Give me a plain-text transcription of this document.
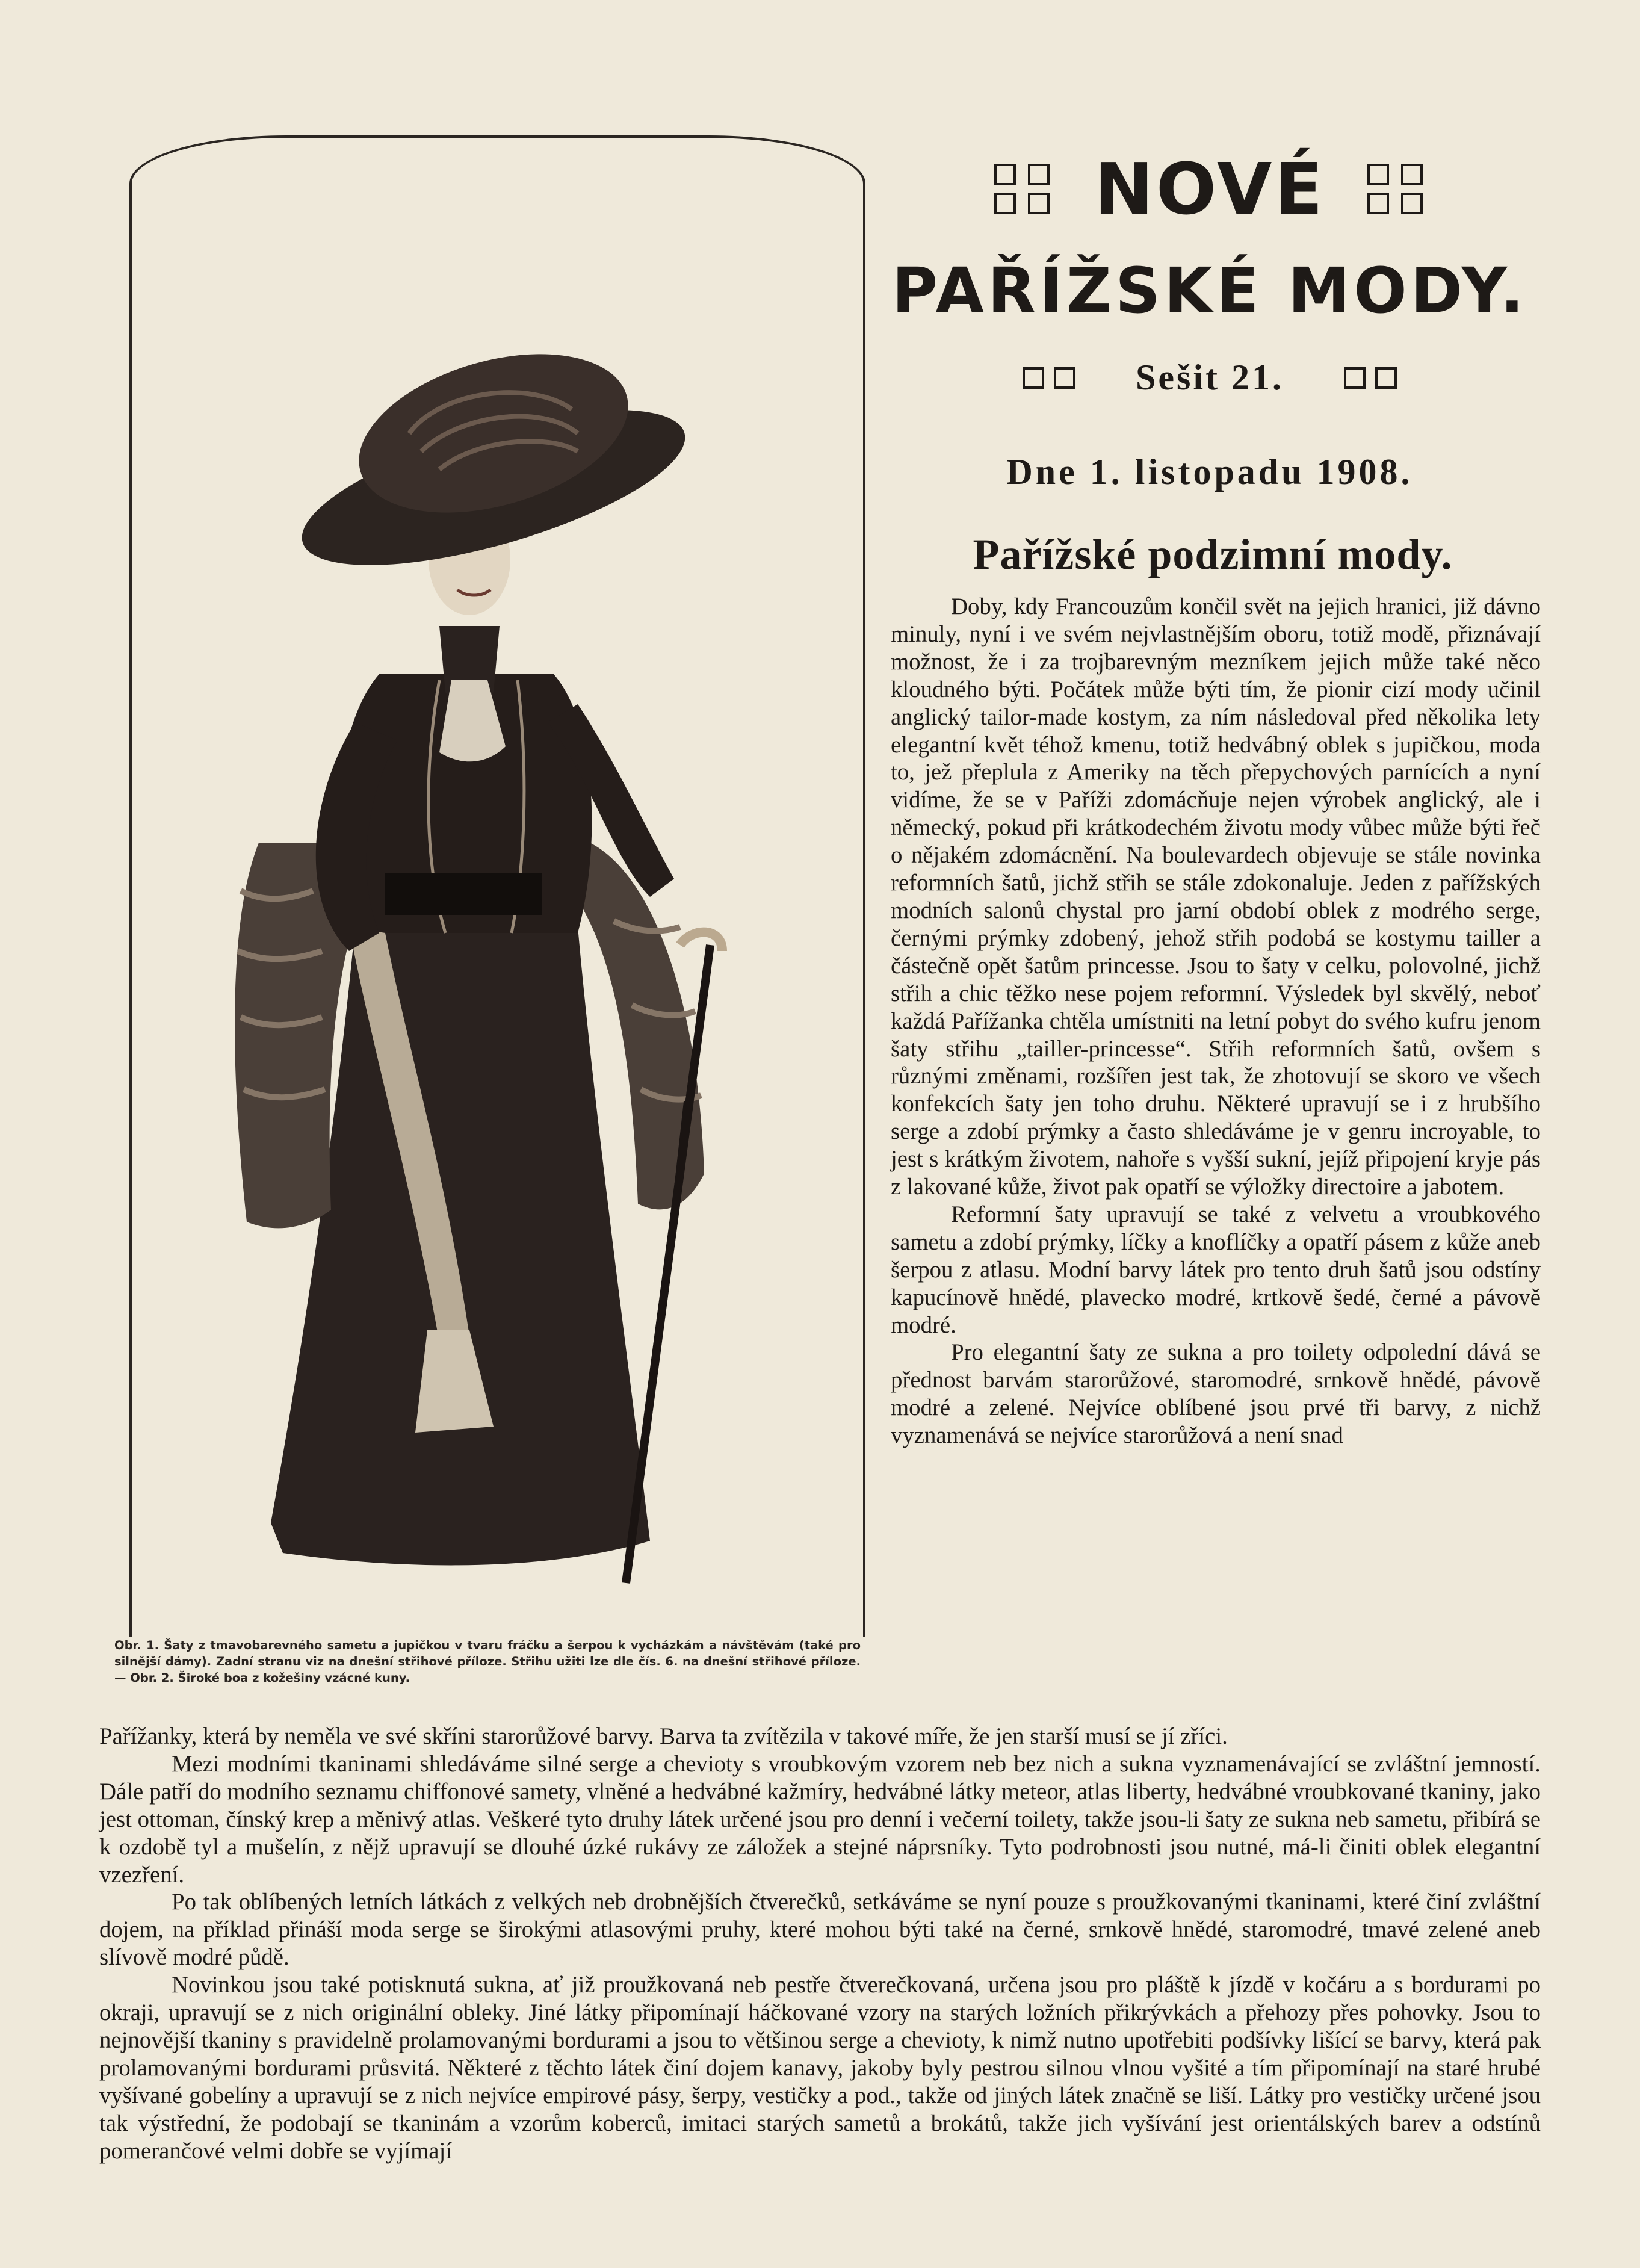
NOVÉ
PAŘÍŽSKÉ MODY.
Sešit 21.
Dne 1. listopadu 1908.
Pařížské podzimní mody.

Doby, kdy Francouzům končil svět na jejich hranici, již dávno minuly, nyní i ve svém nejvlastnějším oboru, totiž modě, přiznávají možnost, že i za trojbarevným mezníkem jejich může také něco kloudného býti. Počátek může býti tím, že pionir cizí mody učinil anglický tailor-made kostym, za ním následoval před několika lety elegantní květ téhož kmenu, totiž hedvábný oblek s jupičkou, moda to, jež přeplula z Ameriky na těch přepychových parnících a nyní vidíme, že se v Paříži zdomácňuje nejen výrobek anglický, ale i německý, pokud při krátkodechém životu mody vůbec může býti řeč o nějakém zdomácnění. Na boulevardech objevuje se stále novinka reformních šatů, jichž střih se stále zdokonaluje. Jeden z pařížských modních salonů chystal pro jarní období oblek z modrého serge, černými prýmky zdobený, jehož střih podobá se kostymu tailler a částečně opět šatům princesse. Jsou to šaty v celku, polovolné, jichž střih a chic těžko nese pojem reformní. Výsledek byl skvělý, neboť každá Pařížanka chtěla umístniti na letní pobyt do svého kufru jenom šaty střihu „tailler-princesse“. Střih reformních šatů, ovšem s různými změnami, rozšířen jest tak, že zhotovují se skoro ve všech konfekcích šaty jen toho druhu. Některé upravují se i z hrubšího serge a zdobí prýmky a často shledáváme je v genru incroyable, to jest s krátkým životem, nahoře s vyšší sukní, jejíž připojení kryje pás z lakované kůže, život pak opatří se výložky directoire a jabotem.

Reformní šaty upravují se také z velvetu a vroubkového sametu a zdobí prýmky, líčky a knoflíčky a opatří pásem z kůže aneb šerpou z atlasu. Modní barvy látek pro tento druh šatů jsou odstíny kapucínově hnědé, plavecko modré, krtkově šedé, černé a pávově modré.

Pro elegantní šaty ze sukna a pro toilety odpolední dává se přednost barvám starorůžové, staromodré, srnkově hnědé, pávově modré a zelené. Nejvíce oblíbené jsou prvé tři barvy, z nichž vyznamenává se nejvíce starorůžová a není snad

Obr. 1. Šaty z tmavobarevného sametu a jupičkou v tvaru fráčku a šerpou k vycházkám a návštěvám (také pro silnější dámy). Zadní stranu viz na dnešní střihové příloze. Střihu užiti lze dle čís. 6. na dnešní střihové příloze. — Obr. 2. Široké boa z kožešiny vzácné kuny.

Pařížanky, která by neměla ve své skříni starorůžové barvy. Barva ta zvítězila v takové míře, že jen starší musí se jí zříci.

Mezi modními tkaninami shledáváme silné serge a cheviоty s vroubkovým vzorem neb bez nich a sukna vyznamenávající se zvláštní jemností. Dále patří do modního seznamu chiffonové samety, vlněné a hedvábné kažmíry, hedvábné látky meteor, atlas liberty, hedvábné vroubkované tkaniny, jako jest ottoman, čínský krep a měnivý atlas. Veškeré tyto druhy látek určené jsou pro denní i večerní toilety, takže jsou-li šaty ze sukna neb sametu, přibírá se k ozdobě tyl a mušelín, z nějž upravují se dlouhé úzké rukávy ze záložek a stejné náprsníky. Tyto podrobnosti jsou nutné, má-li činiti oblek elegantní vzezření.

Po tak oblíbených letních látkách z velkých neb drobnějších čtverečků, setkáváme se nyní pouze s proužkovanými tkaninami, které činí zvláštní dojem, na příklad přináší moda serge se širokými atlasovými pruhy, které mohou býti také na černé, srnkově hnědé, staromodré, tmavé zelené aneb slívově modré půdě.

Novinkou jsou také potisknutá sukna, ať již proužkovaná neb pestře čtverečkovaná, určena jsou pro pláště k jízdě v kočáru a s bordurami po okraji, upravují se z nich originální obleky. Jiné látky připomínají háčkované vzory na starých ložních přikrývkách a přehozy přes pohovky. Jsou to nejnovější tkaniny s pravidelně prolamovanými bordurami a jsou to většinou serge a cheviоty, k nimž nutno upotřebiti podšívky lišící se barvy, která pak prolamovanými bordurami průsvitá. Některé z těchto látek činí dojem kanavy, jakoby byly pestrou silnou vlnou vyšité a tím připomínají na staré hrubé vyšívané gobelíny a upravují se z nich nejvíce empirové pásy, šerpy, vestičky a pod., takže od jiných látek značně se liší. Látky pro vestičky určené jsou tak výstřední, že podobají se tkaninám a vzorům koberců, imitaci starých sametů a brokátů, takže jich vyšívání jest orientálských barev a odstínů pomerančové velmi dobře se vyjímají
